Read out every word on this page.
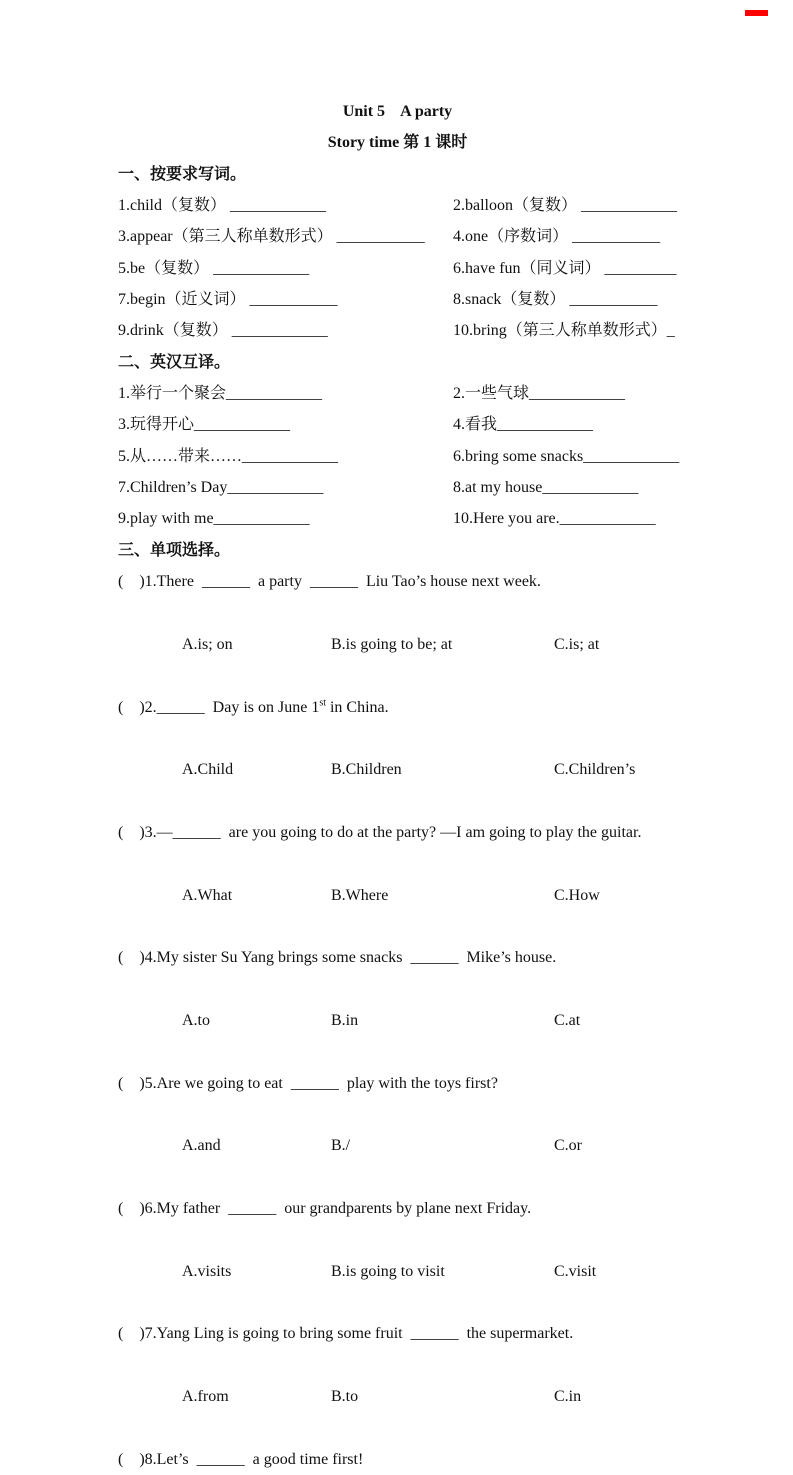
Unit 5    A party
Story time 第 1 课时
一、按要求写词。
1.child（复数） ____________	2.balloon（复数） ____________
3.appear（第三人称单数形式） ___________	4.one（序数词） ___________
5.be（复数） ____________	6.have fun（同义词） _________
7.begin（近义词） ___________	8.snack（复数） ___________
9.drink（复数） ____________	10.bring（第三人称单数形式）_
二、英汉互译。
1.举行一个聚会____________	2.一些气球____________
3.玩得开心____________	4.看我____________
5.从……带来……____________	6.bring some snacks____________
7.Children’s Day____________	8.at my house____________
9.play with me____________	10.Here you are.____________
三、单项选择。
(    )1.There  ______  a party  ______  Liu Tao’s house next week.

A.is; on	B.is going to be; at	C.is; at

(    )2.______  Day is on June 1st in China.

A.Child	B.Children	C.Children’s

(    )3.—______  are you going to do at the party? —I am going to play the guitar.

A.What	B.Where	C.How

(    )4.My sister Su Yang brings some snacks  ______  Mike’s house.

A.to	B.in	C.at

(    )5.Are we going to eat  ______  play with the toys first?

A.and	B./	C.or

(    )6.My father  ______  our grandparents by plane next Friday.

A.visits	B.is going to visit	C.visit

(    )7.Yang Ling is going to bring some fruit  ______  the supermarket.

A.from	B.to	C.in

(    )8.Let’s  ______  a good time first!
